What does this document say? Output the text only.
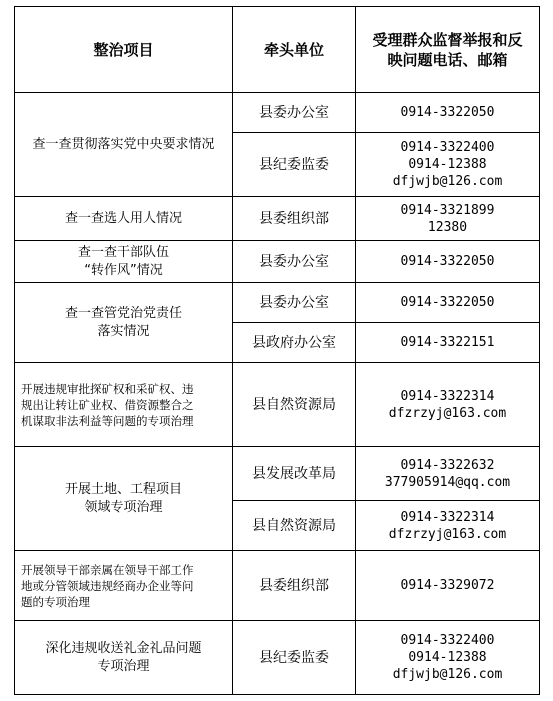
整治项目	牵头单位	受理群众监督举报和反映问题电话、邮箱

查一查贯彻落实党中央要求情况	县委办公室	0914-3322050

	县纪委监委	0914-3322400
0914-12388
dfjwjb@126.com

查一查选人用人情况	县委组织部	0914-3321899
12380

查一查干部队伍
“转作风”情况	县委办公室	0914-3322050

查一查管党治党责任
落实情况	县委办公室	0914-3322050

	县政府办公室	0914-3322151

开展违规审批探矿权和采矿权、违
规出让转让矿业权、借资源整合之
机谋取非法利益等问题的专项治理	县自然资源局	0914-3322314
dfzrzyj@163.com

开展土地、工程项目
领域专项治理	县发展改革局	0914-3322632
377905914@qq.com

	县自然资源局	0914-3322314
dfzrzyj@163.com

开展领导干部亲属在领导干部工作
地或分管领域违规经商办企业等问
题的专项治理	县委组织部	0914-3329072

深化违规收送礼金礼品问题
专项治理	县纪委监委	0914-3322400
0914-12388
dfjwjb@126.com
